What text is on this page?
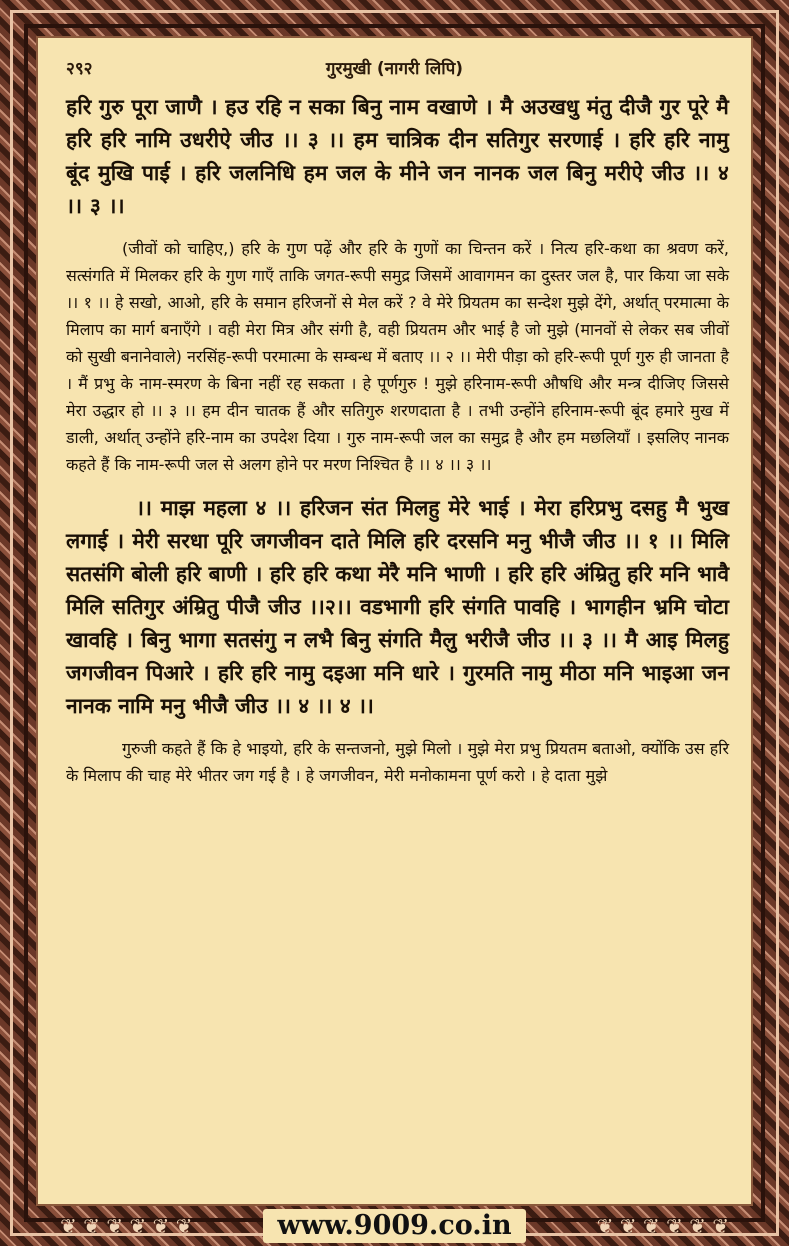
२९२	गुरमुखी (नागरी लिपि)
हरि गुरु पूरा जाणै । हउ रहि न सका बिनु नाम वखाणे । मै अउखधु मंतु दीजै गुर पूरे मै हरि हरि नामि उधरीऐ जीउ ।। ३ ।। हम चात्रिक दीन सतिगुर सरणाई । हरि हरि नामु बूंद मुखि पाई । हरि जलनिधि हम जल के मीने जन नानक जल बिनु मरीऐ जीउ ।। ४ ।। ३ ।।
(जीवों को चाहिए,) हरि के गुण पढ़ें और हरि के गुणों का चिन्तन करें । नित्य हरि-कथा का श्रवण करें, सत्संगति में मिलकर हरि के गुण गाएँ ताकि जगत-रूपी समुद्र जिसमें आवागमन का दुस्तर जल है, पार किया जा सके ।। १ ।। हे सखो, आओ, हरि के समान हरिजनों से मेल करें ? वे मेरे प्रियतम का सन्देश मुझे देंगे, अर्थात् परमात्मा के मिलाप का मार्ग बनाएँगे । वही मेरा मित्र और संगी है, वही प्रियतम और भाई है जो मुझे (मानवों से लेकर सब जीवों को सुखी बनानेवाले) नरसिंह-रूपी परमात्मा के सम्बन्ध में बताए ।। २ ।। मेरी पीड़ा को हरि-रूपी पूर्ण गुरु ही जानता है । मैं प्रभु के नाम-स्मरण के बिना नहीं रह सकता । हे पूर्णगुरु ! मुझे हरिनाम-रूपी औषधि और मन्त्र दीजिए जिससे मेरा उद्धार हो ।। ३ ।। हम दीन चातक हैं और सतिगुरु शरणदाता है । तभी उन्होंने हरिनाम-रूपी बूंद हमारे मुख में डाली, अर्थात् उन्होंने हरि-नाम का उपदेश दिया । गुरु नाम-रूपी जल का समुद्र है और हम मछलियाँ । इसलिए नानक कहते हैं कि नाम-रूपी जल से अलग होने पर मरण निश्चित है ।। ४ ।। ३ ।।
।। माझ महला ४ ।। हरिजन संत मिलहु मेरे भाई । मेरा हरिप्रभु दसहु मै भुख लगाई । मेरी सरधा पूरि जगजीवन दाते मिलि हरि दरसनि मनु भीजै जीउ ।। १ ।। मिलि सतसंगि बोली हरि बाणी । हरि हरि कथा मेरै मनि भाणी । हरि हरि अंम्रितु हरि मनि भावै मिलि सतिगुर अंम्रितु पीजै जीउ ।।२।। वडभागी हरि संगति पावहि । भागहीन भ्रमि चोटा खावहि । बिनु भागा सतसंगु न लभै बिनु संगति मैलु भरीजै जीउ ।। ३ ।। मै आइ मिलहु जगजीवन पिआरे । हरि हरि नामु दइआ मनि धारे । गुरमति नामु मीठा मनि भाइआ जन नानक नामि मनु भीजै जीउ ।। ४ ।। ४ ।।
गुरुजी कहते हैं कि हे भाइयो, हरि के सन्तजनो, मुझे मिलो । मुझे मेरा प्रभु प्रियतम बताओ, क्योंकि उस हरि के मिलाप की चाह मेरे भीतर जग गई है । हे जगजीवन, मेरी मनोकामना पूर्ण करो । हे दाता मुझे
❦ ❦ ❦ ❦ ❦ ❦	❦ ❦ ❦ ❦ ❦ ❦
www.9009.co.in
